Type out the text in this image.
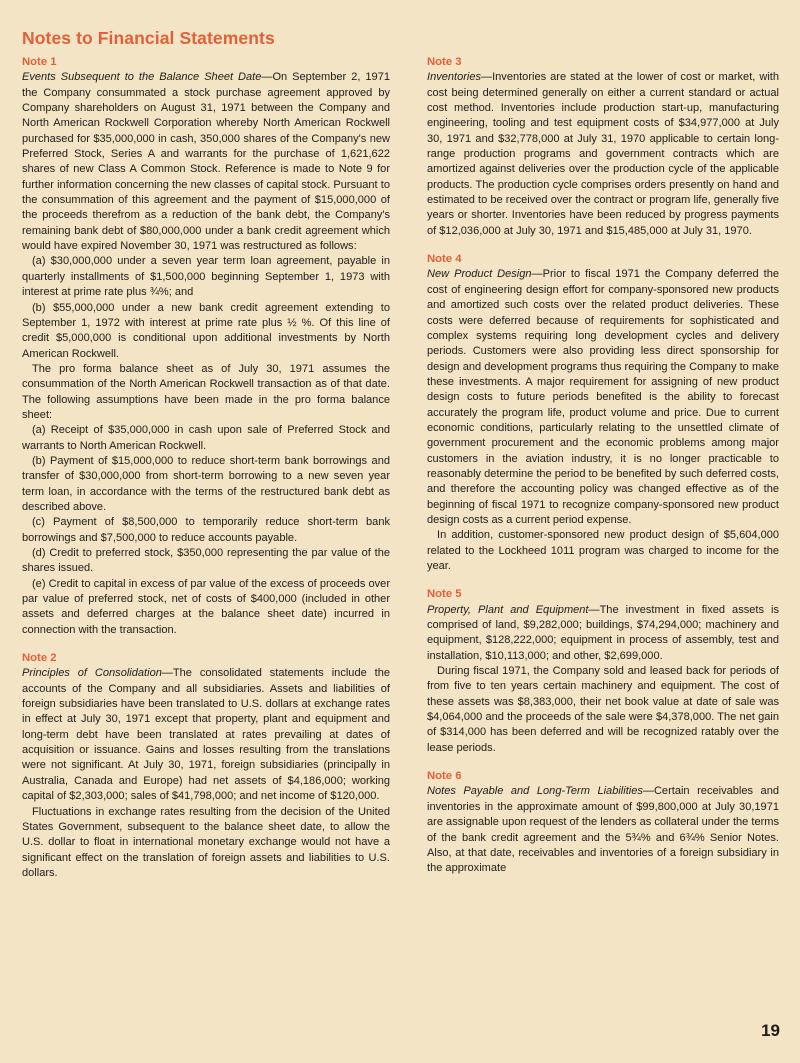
Notes to Financial Statements
Note 1

Events Subsequent to the Balance Sheet Date—On September 2, 1971 the Company consummated a stock purchase agreement approved by Company shareholders on August 31, 1971 between the Company and North American Rockwell Corporation whereby North American Rockwell purchased for $35,000,000 in cash, 350,000 shares of the Company's new Preferred Stock, Series A and warrants for the purchase of 1,621,622 shares of new Class A Common Stock. Reference is made to Note 9 for further information concerning the new classes of capital stock. Pursuant to the consummation of this agreement and the payment of $15,000,000 of the proceeds therefrom as a reduction of the bank debt, the Company's remaining bank debt of $80,000,000 under a bank credit agreement which would have expired November 30, 1971 was restructured as follows:

(a) $30,000,000 under a seven year term loan agreement, payable in quarterly installments of $1,500,000 beginning September 1, 1973 with interest at prime rate plus ¾%; and

(b) $55,000,000 under a new bank credit agreement extending to September 1, 1972 with interest at prime rate plus ½ %. Of this line of credit $5,000,000 is conditional upon additional investments by North American Rockwell.

The pro forma balance sheet as of July 30, 1971 assumes the consummation of the North American Rockwell transaction as of that date. The following assumptions have been made in the pro forma balance sheet:

(a) Receipt of $35,000,000 in cash upon sale of Preferred Stock and warrants to North American Rockwell.

(b) Payment of $15,000,000 to reduce short-term bank borrowings and transfer of $30,000,000 from short-term borrowing to a new seven year term loan, in accordance with the terms of the restructured bank debt as described above.

(c) Payment of $8,500,000 to temporarily reduce short-term bank borrowings and $7,500,000 to reduce accounts payable.

(d) Credit to preferred stock, $350,000 representing the par value of the shares issued.

(e) Credit to capital in excess of par value of the excess of proceeds over par value of preferred stock, net of costs of $400,000 (included in other assets and deferred charges at the balance sheet date) incurred in connection with the transaction.

Note 2

Principles of Consolidation—The consolidated statements include the accounts of the Company and all subsidiaries. Assets and liabilities of foreign subsidiaries have been translated to U.S. dollars at exchange rates in effect at July 30, 1971 except that property, plant and equipment and long-term debt have been translated at rates prevailing at dates of acquisition or issuance. Gains and losses resulting from the translations were not significant. At July 30, 1971, foreign subsidiaries (principally in Australia, Canada and Europe) had net assets of $4,186,000; working capital of $2,303,000; sales of $41,798,000; and net income of $120,000.

Fluctuations in exchange rates resulting from the decision of the United States Government, subsequent to the balance sheet date, to allow the U.S. dollar to float in international monetary exchange would not have a significant effect on the translation of foreign assets and liabilities to U.S. dollars.

Note 3

Inventories—Inventories are stated at the lower of cost or market, with cost being determined generally on either a current standard or actual cost method. Inventories include production start-up, manufacturing engineering, tooling and test equipment costs of $34,977,000 at July 30, 1971 and $32,778,000 at July 31, 1970 applicable to certain long-range production programs and government contracts which are amortized against deliveries over the production cycle of the applicable products. The production cycle comprises orders presently on hand and estimated to be received over the contract or program life, generally five years or shorter. Inventories have been reduced by progress payments of $12,036,000 at July 30, 1971 and $15,485,000 at July 31, 1970.

Note 4

New Product Design—Prior to fiscal 1971 the Company deferred the cost of engineering design effort for company-sponsored new products and amortized such costs over the related product deliveries. These costs were deferred because of requirements for sophisticated and complex systems requiring long development cycles and delivery periods. Customers were also providing less direct sponsorship for design and development programs thus requiring the Company to make these investments. A major requirement for assigning of new product design costs to future periods benefited is the ability to forecast accurately the program life, product volume and price. Due to current economic conditions, particularly relating to the unsettled climate of government procurement and the economic problems among major customers in the aviation industry, it is no longer practicable to reasonably determine the period to be benefited by such deferred costs, and therefore the accounting policy was changed effective as of the beginning of fiscal 1971 to recognize company-sponsored new product design costs as a current period expense.

In addition, customer-sponsored new product design of $5,604,000 related to the Lockheed 1011 program was charged to income for the year.

Note 5

Property, Plant and Equipment—The investment in fixed assets is comprised of land, $9,282,000; buildings, $74,294,000; machinery and equipment, $128,222,000; equipment in process of assembly, test and installation, $10,113,000; and other, $2,699,000.

During fiscal 1971, the Company sold and leased back for periods of from five to ten years certain machinery and equipment. The cost of these assets was $8,383,000, their net book value at date of sale was $4,064,000 and the proceeds of the sale were $4,378,000. The net gain of $314,000 has been deferred and will be recognized ratably over the lease periods.

Note 6

Notes Payable and Long-Term Liabilities—Certain receivables and inventories in the approximate amount of $99,800,000 at July 30,1971 are assignable upon request of the lenders as collateral under the terms of the bank credit agreement and the 5¾% and 6¾% Senior Notes. Also, at that date, receivables and inventories of a foreign subsidiary in the approximate

19
